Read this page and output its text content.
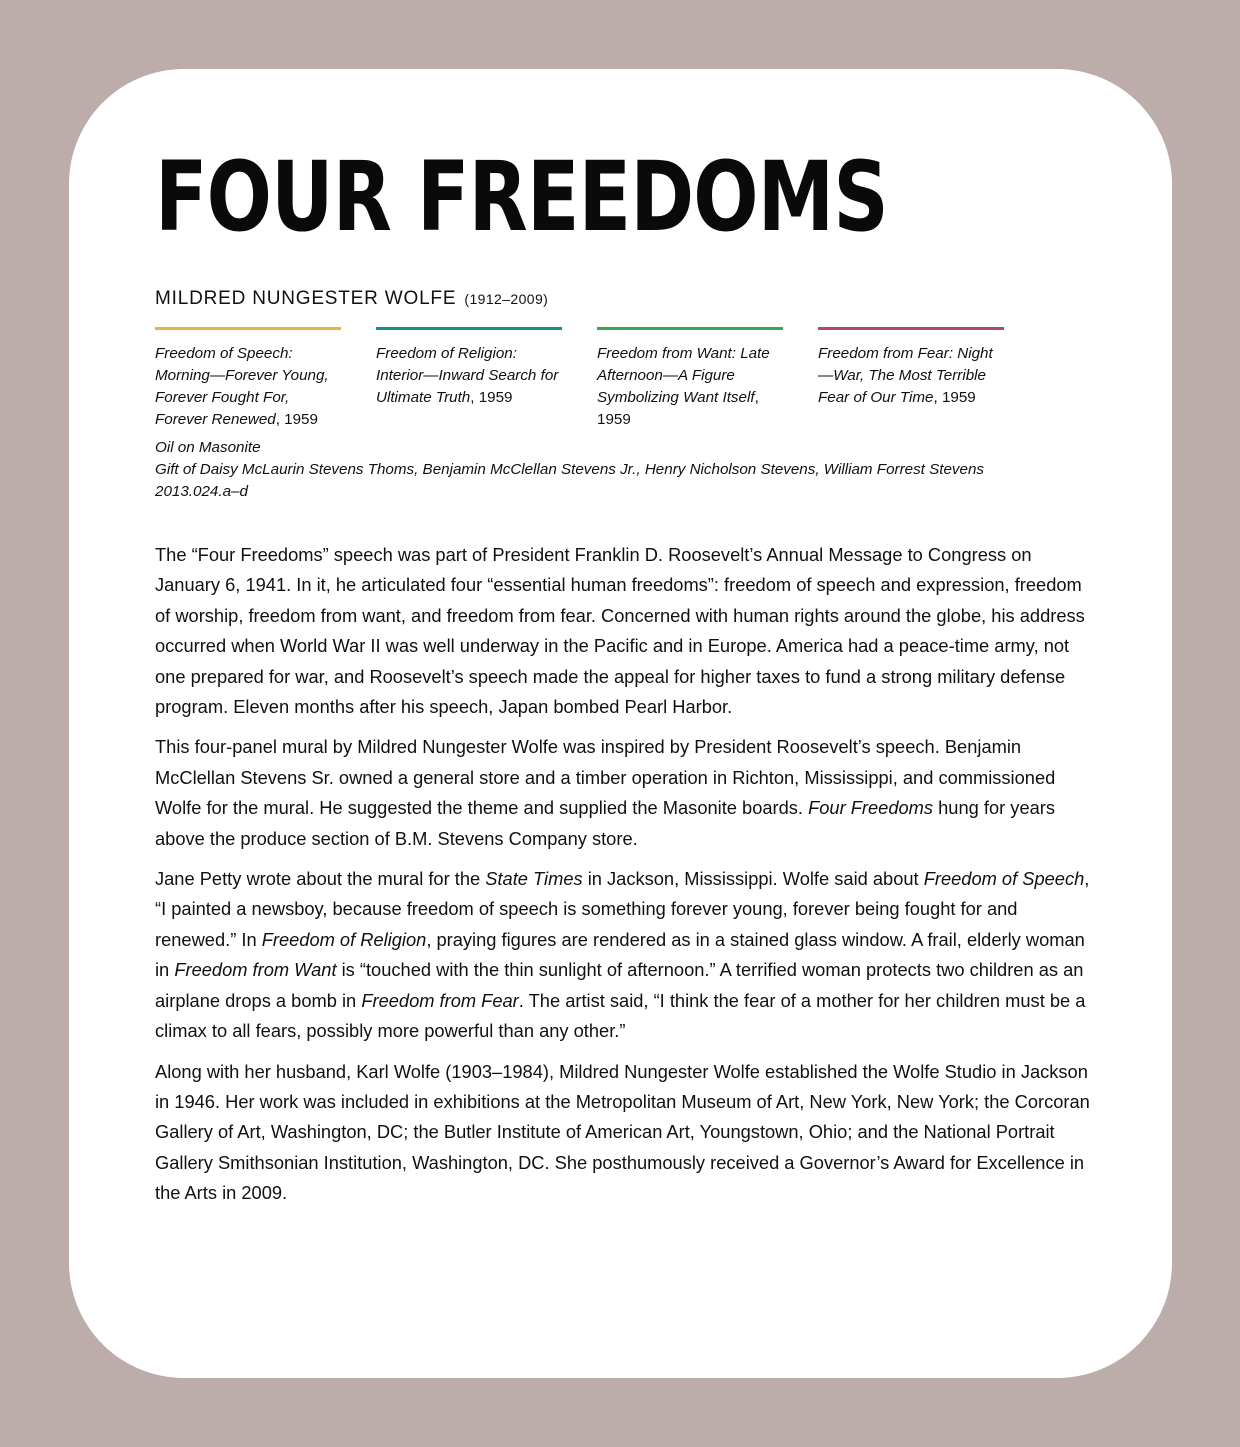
FOUR FREEDOMS
MILDRED NUNGESTER WOLFE (1912–2009)
Freedom of Speech: Morning—Forever Young, Forever Fought For, Forever Renewed, 1959
Freedom of Religion: Interior—Inward Search for Ultimate Truth, 1959
Freedom from Want: Late Afternoon—A Figure Symbolizing Want Itself, 1959
Freedom from Fear: Night—War, The Most Terrible Fear of Our Time, 1959
Oil on Masonite
Gift of Daisy McLaurin Stevens Thoms, Benjamin McClellan Stevens Jr., Henry Nicholson Stevens, William Forrest Stevens
2013.024.a–d

The “Four Freedoms” speech was part of President Franklin D. Roosevelt’s Annual Message to Congress on January 6, 1941. In it, he articulated four “essential human freedoms”: freedom of speech and expression, freedom of worship, freedom from want, and freedom from fear. Concerned with human rights around the globe, his address occurred when World War II was well underway in the Pacific and in Europe. America had a peace-time army, not one prepared for war, and Roosevelt’s speech made the appeal for higher taxes to fund a strong military defense program. Eleven months after his speech, Japan bombed Pearl Harbor.

This four-panel mural by Mildred Nungester Wolfe was inspired by President Roosevelt’s speech. Benjamin McClellan Stevens Sr. owned a general store and a timber operation in Richton, Mississippi, and commissioned Wolfe for the mural. He suggested the theme and supplied the Masonite boards. Four Freedoms hung for years above the produce section of B.M. Stevens Company store.

Jane Petty wrote about the mural for the State Times in Jackson, Mississippi. Wolfe said about Freedom of Speech, “I painted a newsboy, because freedom of speech is something forever young, forever being fought for and renewed.” In Freedom of Religion, praying figures are rendered as in a stained glass window. A frail, elderly woman in Freedom from Want is “touched with the thin sunlight of afternoon.” A terrified woman protects two children as an airplane drops a bomb in Freedom from Fear. The artist said, “I think the fear of a mother for her children must be a climax to all fears, possibly more powerful than any other.”

Along with her husband, Karl Wolfe (1903–1984), Mildred Nungester Wolfe established the Wolfe Studio in Jackson in 1946. Her work was included in exhibitions at the Metropolitan Museum of Art, New York, New York; the Corcoran Gallery of Art, Washington, DC; the Butler Institute of American Art, Youngstown, Ohio; and the National Portrait Gallery Smithsonian Institution, Washington, DC. She posthumously received a Governor’s Award for Excellence in the Arts in 2009.
